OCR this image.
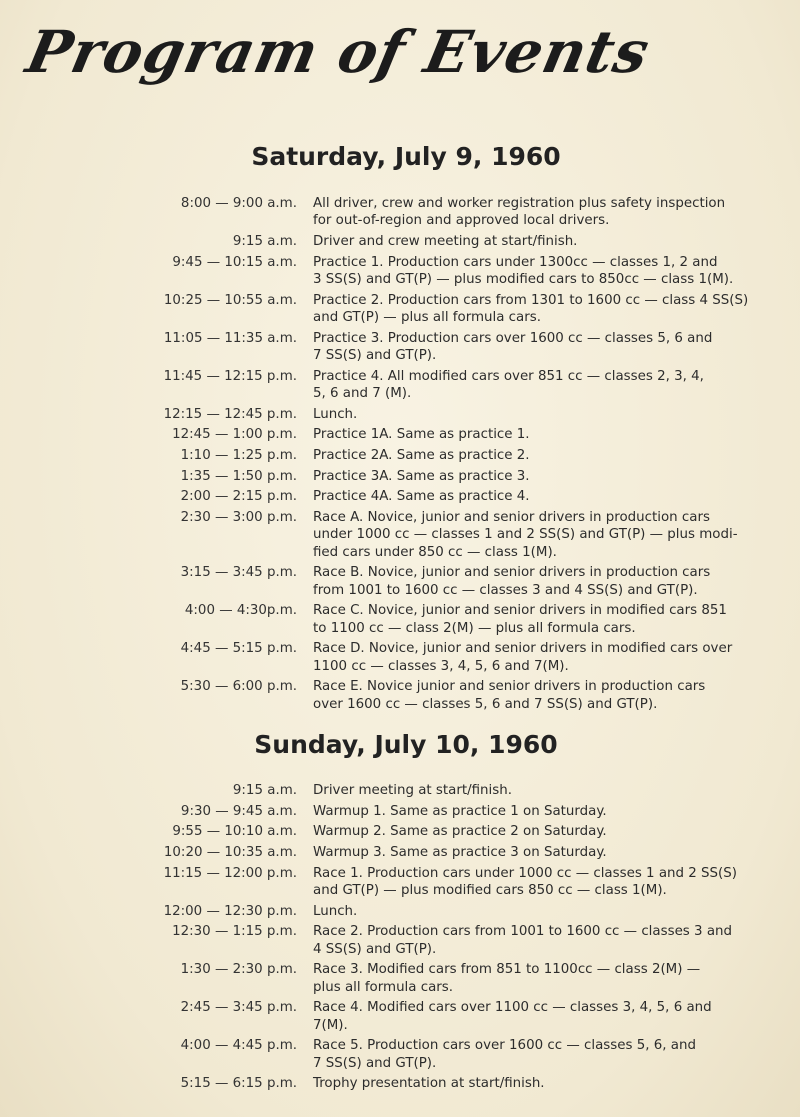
Program of Events
Saturday, July 9, 1960
8:00 — 9:00 a.m. All driver, crew and worker registration plus safety inspection
for out-of-region and approved local drivers.
9:15 a.m. Driver and crew meeting at start/finish.
9:45 — 10:15 a.m. Practice 1. Production cars under 1300cc — classes 1, 2 and
3 SS(S) and GT(P) — plus modified cars to 850cc — class 1(M).
10:25 — 10:55 a.m. Practice 2. Production cars from 1301 to 1600 cc — class 4 SS(S)
and GT(P) — plus all formula cars.
11:05 — 11:35 a.m. Practice 3. Production cars over 1600 cc — classes 5, 6 and
7 SS(S) and GT(P).
11:45 — 12:15 p.m. Practice 4. All modified cars over 851 cc — classes 2, 3, 4,
5, 6 and 7 (M).
12:15 — 12:45 p.m. Lunch.
12:45 — 1:00 p.m. Practice 1A. Same as practice 1.
1:10 — 1:25 p.m. Practice 2A. Same as practice 2.
1:35 — 1:50 p.m. Practice 3A. Same as practice 3.
2:00 — 2:15 p.m. Practice 4A. Same as practice 4.
2:30 — 3:00 p.m. Race A. Novice, junior and senior drivers in production cars
under 1000 cc — classes 1 and 2 SS(S) and GT(P) — plus modi-
fied cars under 850 cc — class 1(M).
3:15 — 3:45 p.m. Race B. Novice, junior and senior drivers in production cars
from 1001 to 1600 cc — classes 3 and 4 SS(S) and GT(P).
4:00 — 4:30p.m. Race C. Novice, junior and senior drivers in modified cars 851
to 1100 cc — class 2(M) — plus all formula cars.
4:45 — 5:15 p.m. Race D. Novice, junior and senior drivers in modified cars over
1100 cc — classes 3, 4, 5, 6 and 7(M).
5:30 — 6:00 p.m. Race E. Novice junior and senior drivers in production cars
over 1600 cc — classes 5, 6 and 7 SS(S) and GT(P).
Sunday, July 10, 1960
9:15 a.m. Driver meeting at start/finish.
9:30 — 9:45 a.m. Warmup 1. Same as practice 1 on Saturday.
9:55 — 10:10 a.m. Warmup 2. Same as practice 2 on Saturday.
10:20 — 10:35 a.m. Warmup 3. Same as practice 3 on Saturday.
11:15 — 12:00 p.m. Race 1. Production cars under 1000 cc — classes 1 and 2 SS(S)
and GT(P) — plus modified cars 850 cc — class 1(M).
12:00 — 12:30 p.m. Lunch.
12:30 — 1:15 p.m. Race 2. Production cars from 1001 to 1600 cc — classes 3 and
4 SS(S) and GT(P).
1:30 — 2:30 p.m. Race 3. Modified cars from 851 to 1100cc — class 2(M) —
plus all formula cars.
2:45 — 3:45 p.m. Race 4. Modified cars over 1100 cc — classes 3, 4, 5, 6 and
7(M).
4:00 — 4:45 p.m. Race 5. Production cars over 1600 cc — classes 5, 6, and
7 SS(S) and GT(P).
5:15 — 6:15 p.m. Trophy presentation at start/finish.
